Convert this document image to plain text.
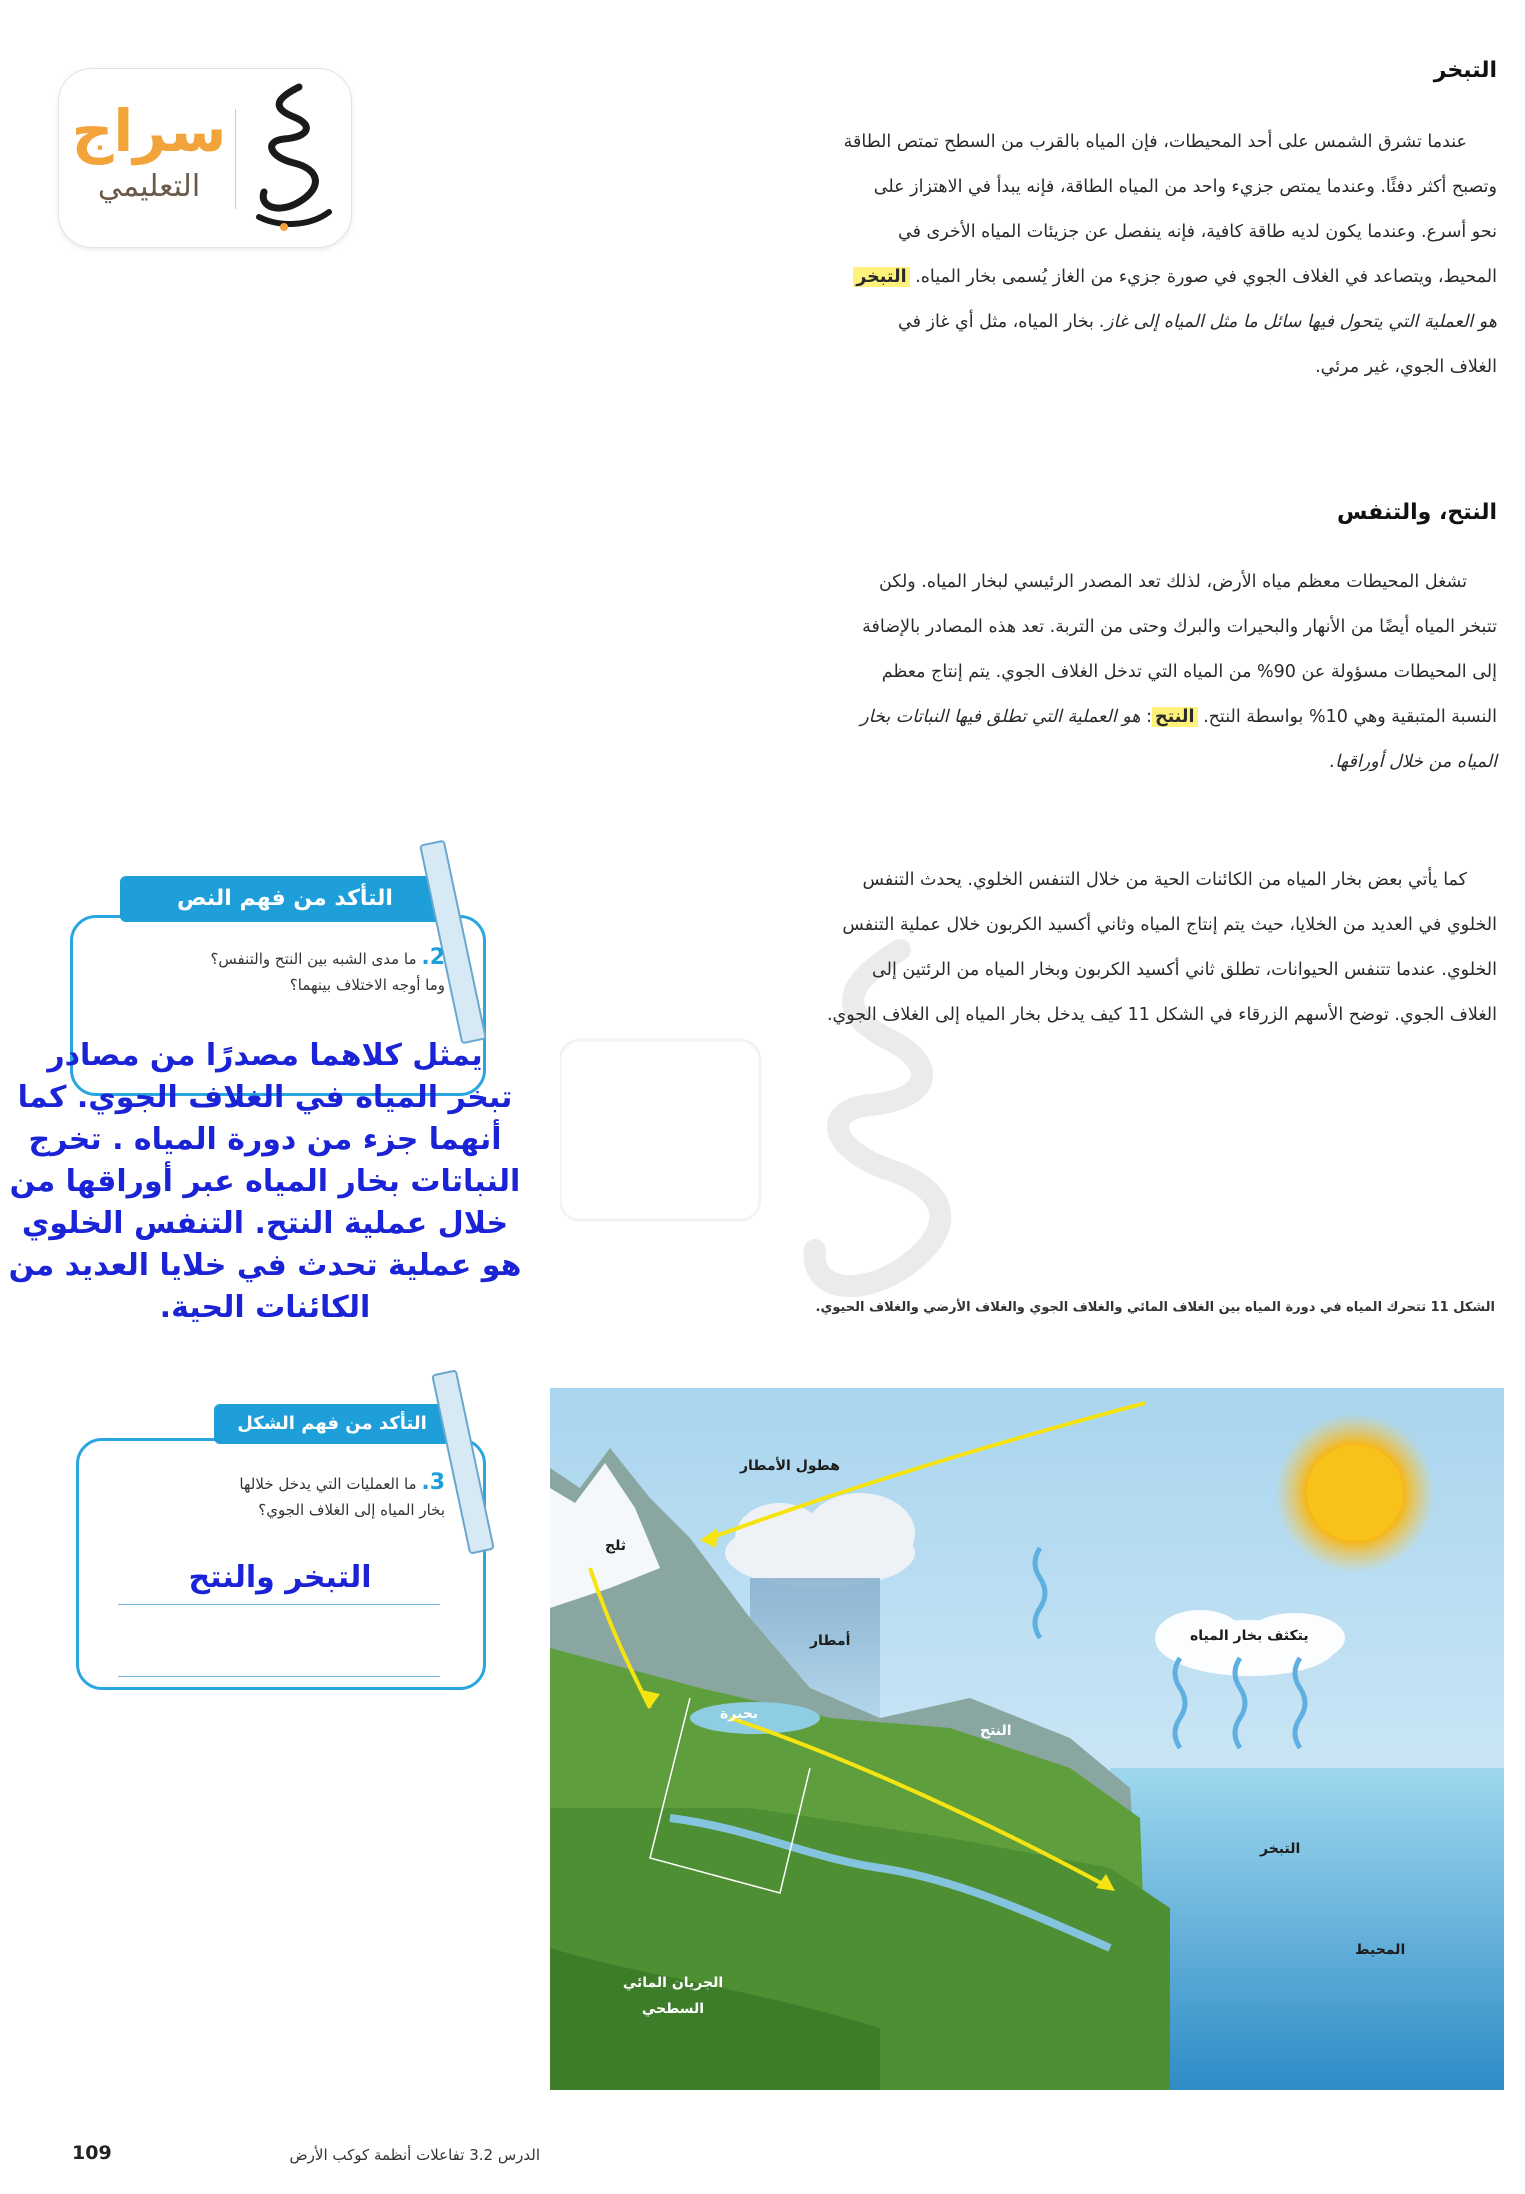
سراج
التعليمي
التبخر
عندما تشرق الشمس على أحد المحيطات، فإن المياه بالقرب من السطح تمتص الطاقة
وتصبح أكثر دفئًا. وعندما يمتص جزيء واحد من المياه الطاقة، فإنه يبدأ في الاهتزاز على
نحو أسرع. وعندما يكون لديه طاقة كافية، فإنه ينفصل عن جزيئات المياه الأخرى في
المحيط، ويتصاعد في الغلاف الجوي في صورة جزيء من الغاز يُسمى بخار المياه. التبخر
هو العملية التي يتحول فيها سائل ما مثل المياه إلى غاز. بخار المياه، مثل أي غاز في
الغلاف الجوي، غير مرئي.
النتح، والتنفس
تشغل المحيطات معظم مياه الأرض، لذلك تعد المصدر الرئيسي لبخار المياه. ولكن
تتبخر المياه أيضًا من الأنهار والبحيرات والبرك وحتى من التربة. تعد هذه المصادر بالإضافة
إلى المحيطات مسؤولة عن 90% من المياه التي تدخل الغلاف الجوي. يتم إنتاج معظم
النسبة المتبقية وهي 10% بواسطة النتح. النتح: هو العملية التي تطلق فيها النباتات بخار
المياه من خلال أوراقها.
كما يأتي بعض بخار المياه من الكائنات الحية من خلال التنفس الخلوي. يحدث التنفس
الخلوي في العديد من الخلايا، حيث يتم إنتاج المياه وثاني أكسيد الكربون خلال عملية التنفس
الخلوي. عندما تتنفس الحيوانات، تطلق ثاني أكسيد الكربون وبخار المياه من الرئتين إلى
الغلاف الجوي. توضح الأسهم الزرقاء في الشكل 11 كيف يدخل بخار المياه إلى الغلاف الجوي.
التأكد من فهم النص
2. ما مدى الشبه بين النتح والتنفس؟
وما أوجه الاختلاف بينهما؟
يمثل كلاهما مصدرًا من مصادر
تبخر المياه في الغلاف الجوي. كما
أنهما جزء من دورة المياه . تخرج
النباتات بخار المياه عبر أوراقها من
خلال عملية النتح. التنفس الخلوي
هو عملية تحدث في خلايا العديد من
الكائنات الحية.
التأكد من فهم الشكل
3. ما العمليات التي يدخل خلالها
بخار المياه إلى الغلاف الجوي؟
التبخر والنتح
الشكل 11 تتحرك المياه في دورة المياه بين الغلاف المائي والغلاف الجوي والغلاف الأرضي والغلاف الحيوي.
هطول الأمطار
ثلج
أمطار	يتكثف بخار المياه
النتح
التبخر
بحيرة
المحيط
الجريان المائي السطحي
109	الدرس 3.2 تفاعلات أنظمة كوكب الأرض
